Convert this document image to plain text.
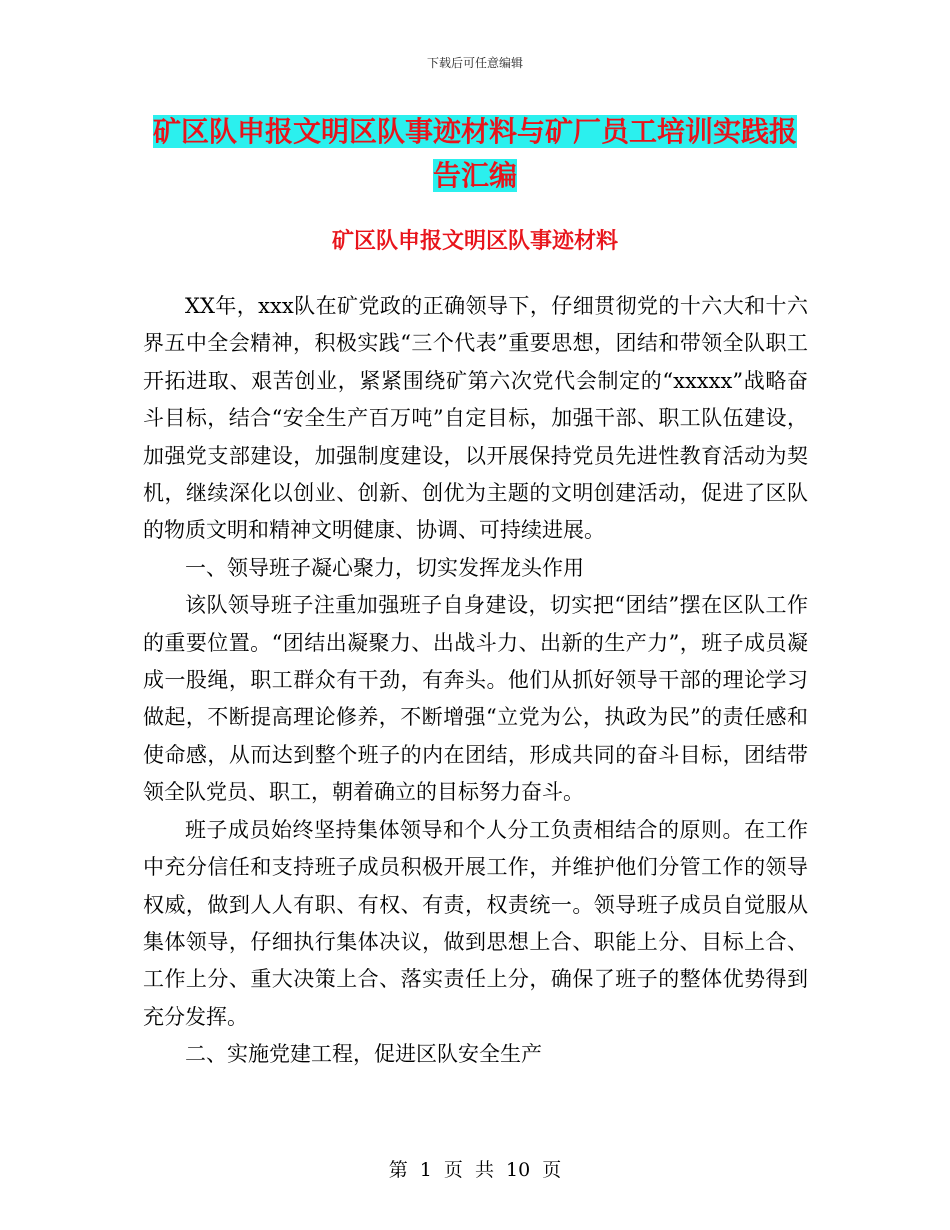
下载后可任意编辑
矿区队申报文明区队事迹材料与矿厂员工培训实践报
告汇编
矿区队申报文明区队事迹材料

XX年，xxx队在矿党政的正确领导下，仔细贯彻党的十六大和十六界五中全会精神，积极实践“三个代表”重要思想，团结和带领全队职工开拓进取、艰苦创业，紧紧围绕矿第六次党代会制定的“xxxxx”战略奋斗目标，结合“安全生产百万吨”自定目标，加强干部、职工队伍建设，加强党支部建设，加强制度建设，以开展保持党员先进性教育活动为契机，继续深化以创业、创新、创优为主题的文明创建活动，促进了区队的物质文明和精神文明健康、协调、可持续进展。

一、领导班子凝心聚力，切实发挥龙头作用

该队领导班子注重加强班子自身建设，切实把“团结”摆在区队工作的重要位置。“团结出凝聚力、出战斗力、出新的生产力”，班子成员凝成一股绳，职工群众有干劲，有奔头。他们从抓好领导干部的理论学习做起，不断提高理论修养，不断增强“立党为公，执政为民”的责任感和使命感，从而达到整个班子的内在团结，形成共同的奋斗目标，团结带领全队党员、职工，朝着确立的目标努力奋斗。

班子成员始终坚持集体领导和个人分工负责相结合的原则。在工作中充分信任和支持班子成员积极开展工作，并维护他们分管工作的领导权威，做到人人有职、有权、有责，权责统一。领导班子成员自觉服从集体领导，仔细执行集体决议，做到思想上合、职能上分、目标上合、工作上分、重大决策上合、落实责任上分，确保了班子的整体优势得到充分发挥。

二、实施党建工程，促进区队安全生产

第 1 页 共 10 页
